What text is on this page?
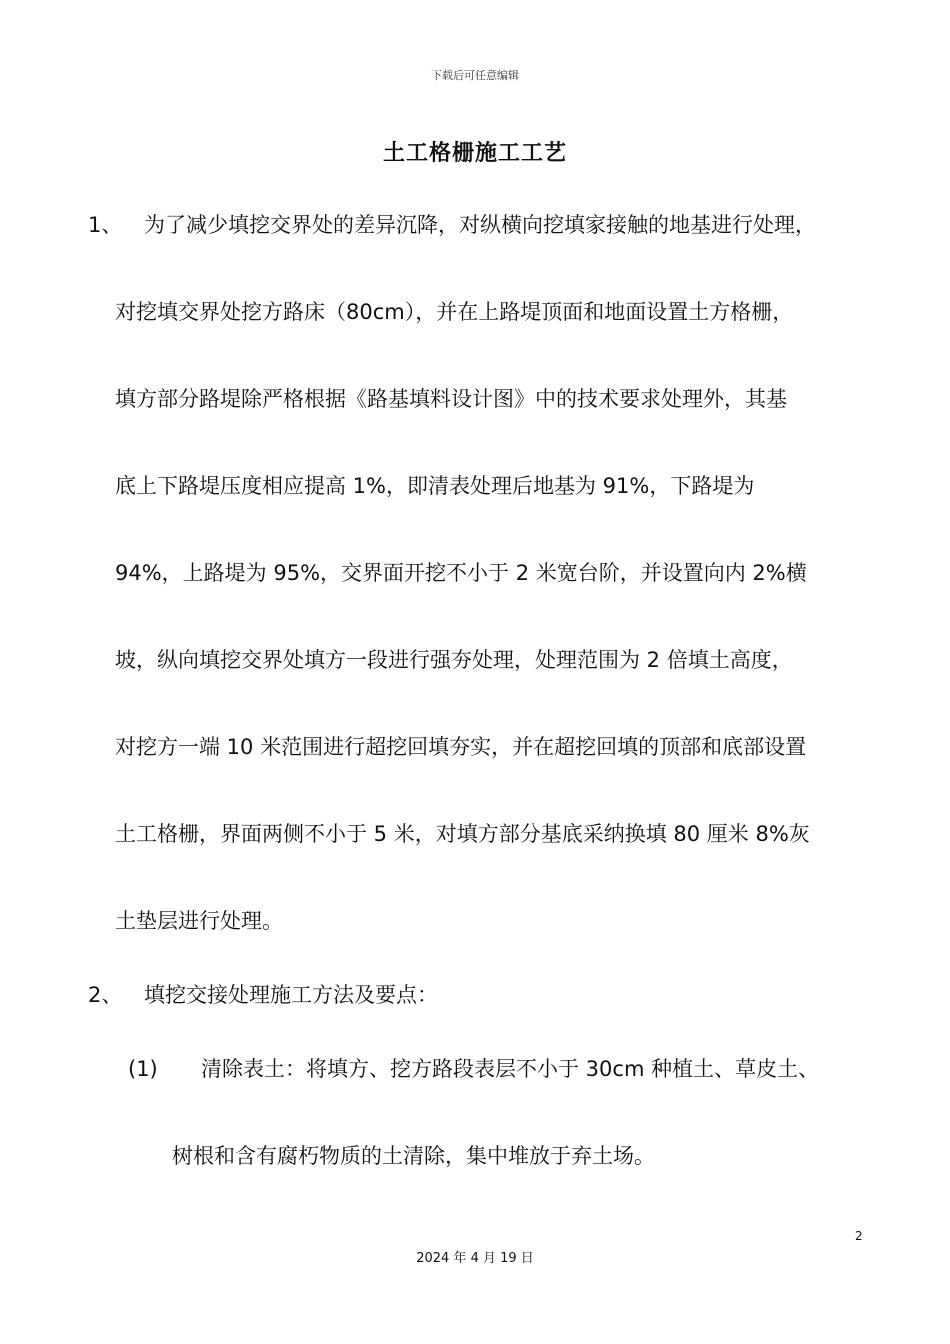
下载后可任意编辑
土工格栅施工工艺
1、 为了减少填挖交界处的差异沉降，对纵横向挖填家接触的地基进行处理，
对挖填交界处挖方路床（80cm），并在上路堤顶面和地面设置土方格栅，
填方部分路堤除严格根据《路基填料设计图》中的技术要求处理外，其基
底上下路堤压度相应提高 1%，即清表处理后地基为 91%，下路堤为
94%，上路堤为 95%，交界面开挖不小于 2 米宽台阶，并设置向内 2%横
坡，纵向填挖交界处填方一段进行强夯处理，处理范围为 2 倍填土高度，
对挖方一端 10 米范围进行超挖回填夯实，并在超挖回填的顶部和底部设置
土工格栅，界面两侧不小于 5 米，对填方部分基底采纳换填 80 厘米 8%灰
土垫层进行处理。
2、 填挖交接处理施工方法及要点：
(1) 清除表土：将填方、挖方路段表层不小于 30cm 种植土、草皮土、
树根和含有腐朽物质的土清除，集中堆放于弃土场。
2
2024 年 4 月 19 日
